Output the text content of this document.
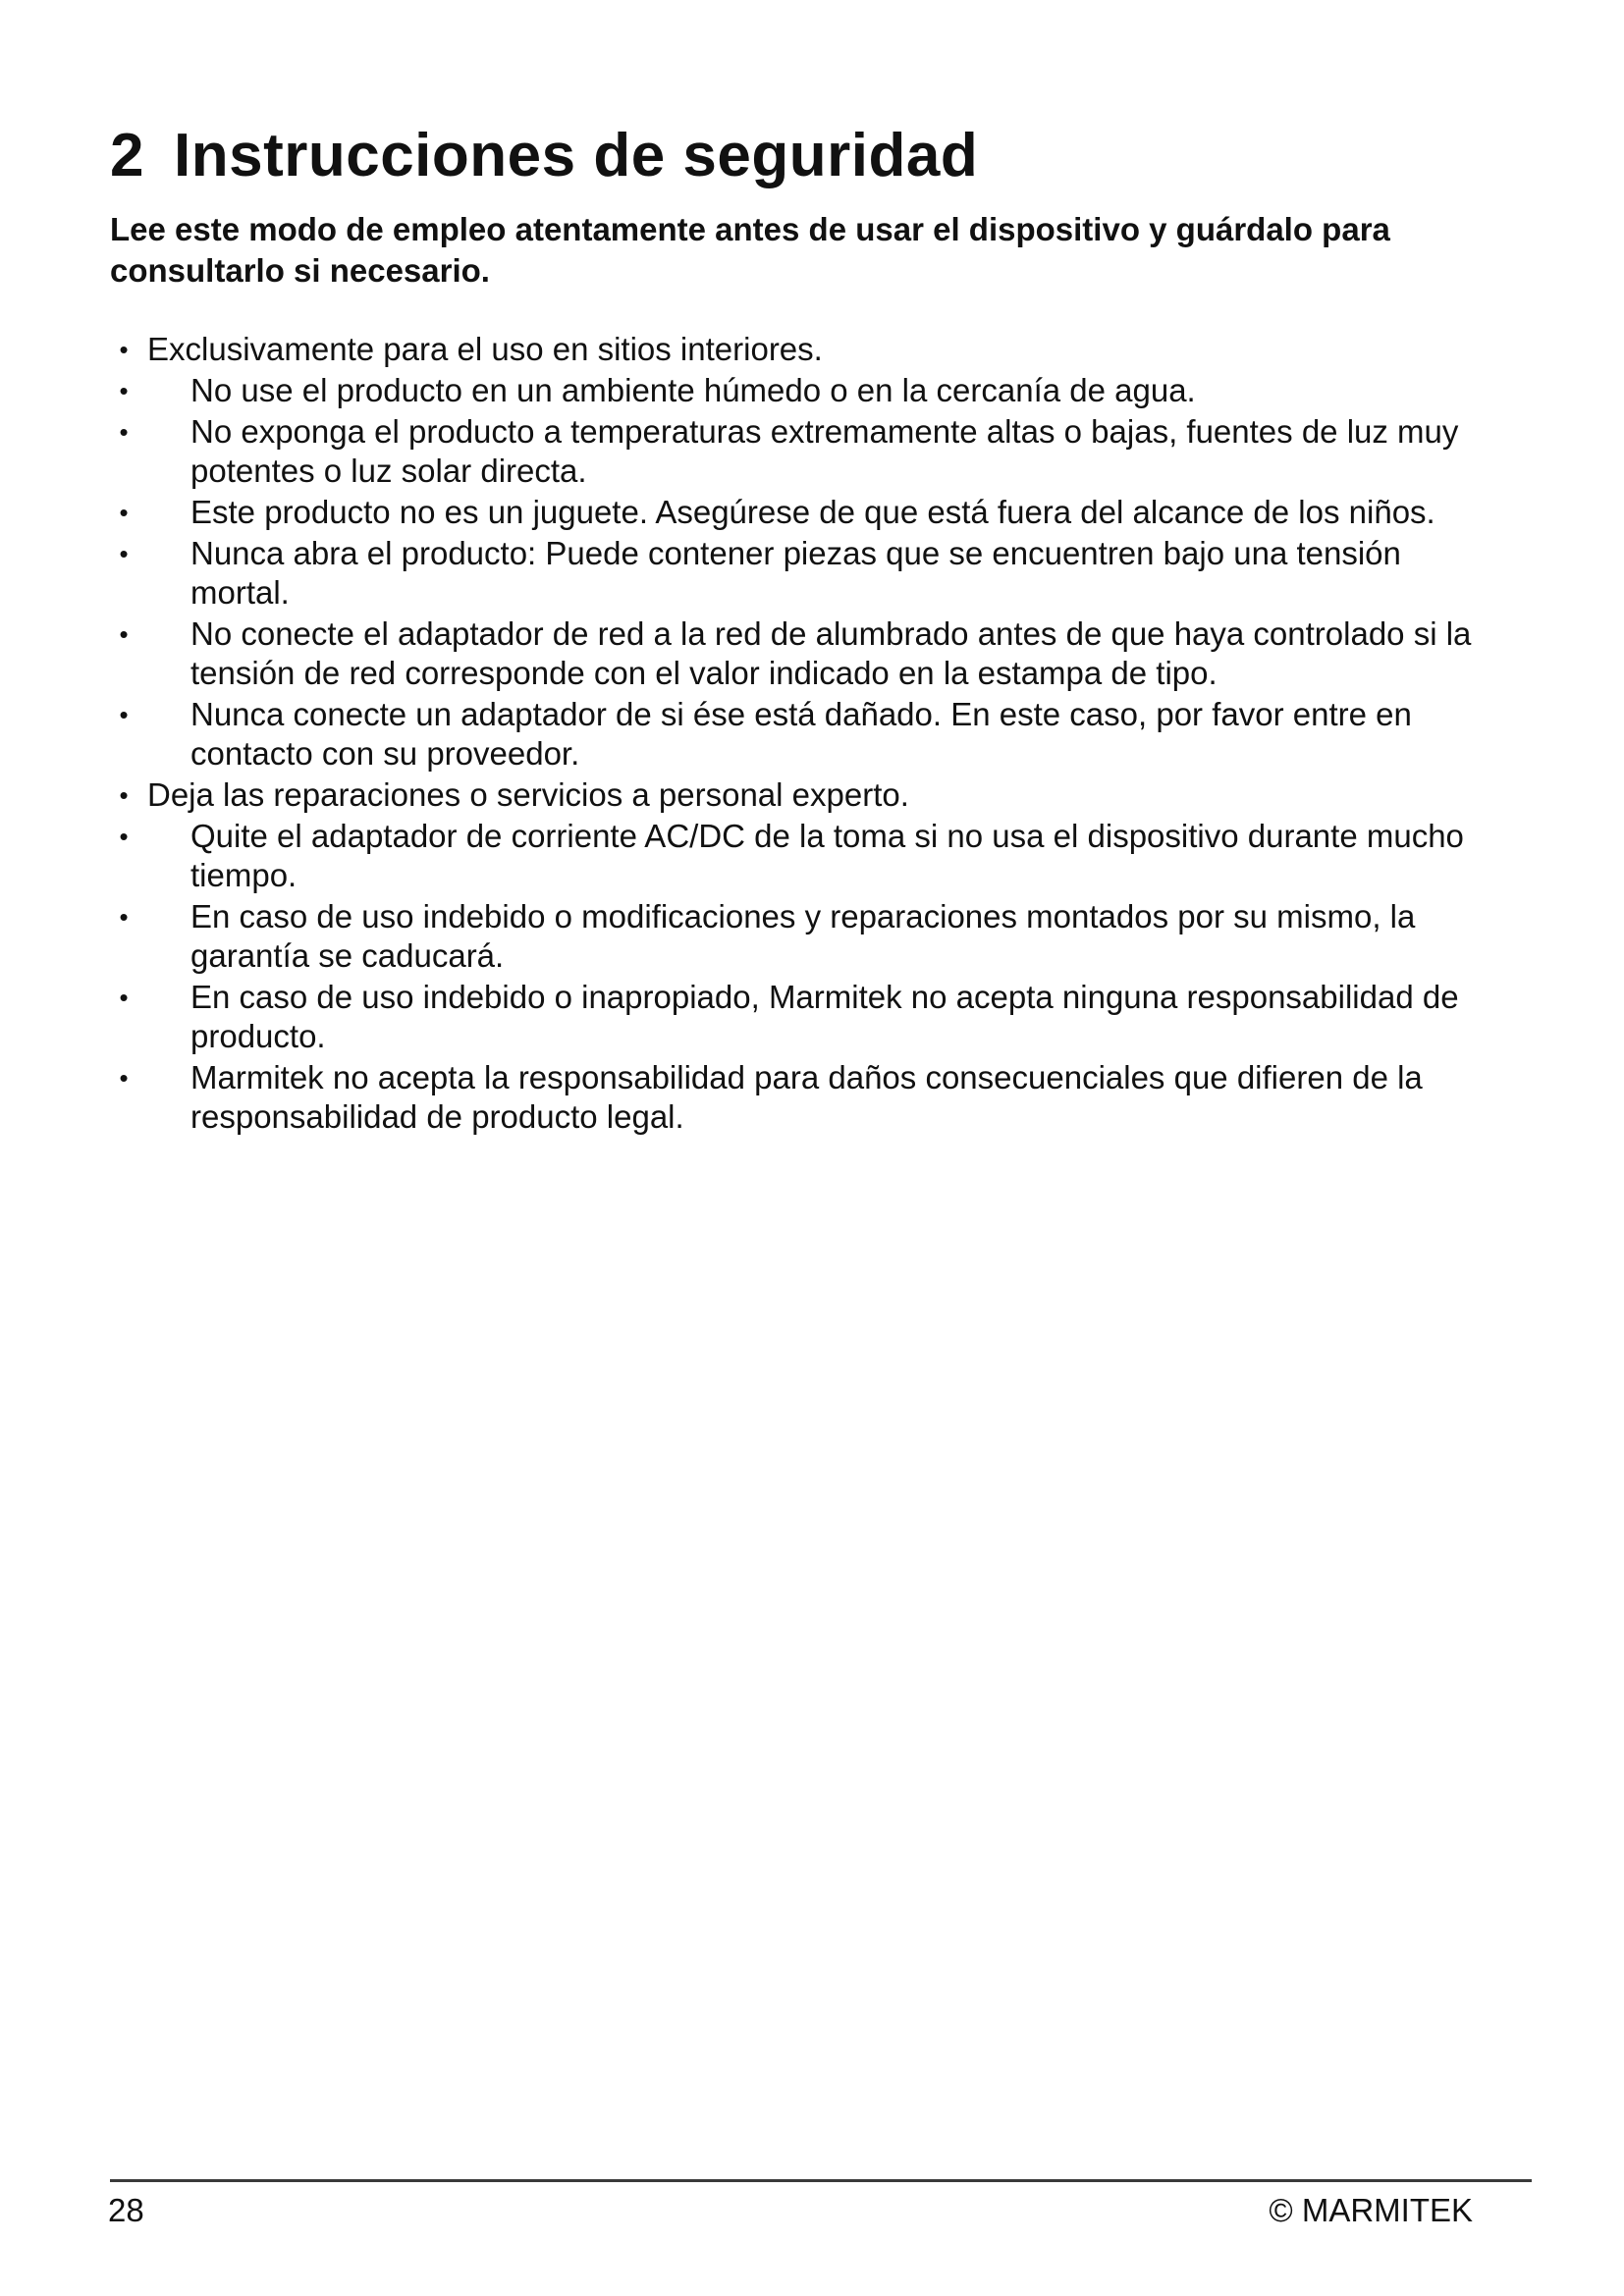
2 Instrucciones de seguridad

Lee este modo de empleo atentamente antes de usar el dispositivo y guárdalo para consultarlo si necesario.

• Exclusivamente para el uso en sitios interiores.
• No use el producto en un ambiente húmedo o en la cercanía de agua.
• No exponga el producto a temperaturas extremamente altas o bajas, fuentes de luz muy potentes o luz solar directa.
• Este producto no es un juguete. Asegúrese de que está fuera del alcance de los niños.
• Nunca abra el producto: Puede contener piezas que se encuentren bajo una tensión mortal.
• No conecte el adaptador de red a la red de alumbrado antes de que haya controlado si la tensión de red corresponde con el valor indicado en la estampa de tipo.
• Nunca conecte un adaptador de si ése está dañado. En este caso, por favor entre en contacto con su proveedor.
• Deja las reparaciones o servicios a personal experto.
• Quite el adaptador de corriente AC/DC de la toma si no usa el dispositivo durante mucho tiempo.
• En caso de uso indebido o modificaciones y reparaciones montados por su mismo, la garantía se caducará.
• En caso de uso indebido o inapropiado, Marmitek no acepta ninguna responsabilidad de producto.
• Marmitek no acepta la responsabilidad para daños consecuenciales que difieren de la responsabilidad de producto legal.
28	© MARMITEK
